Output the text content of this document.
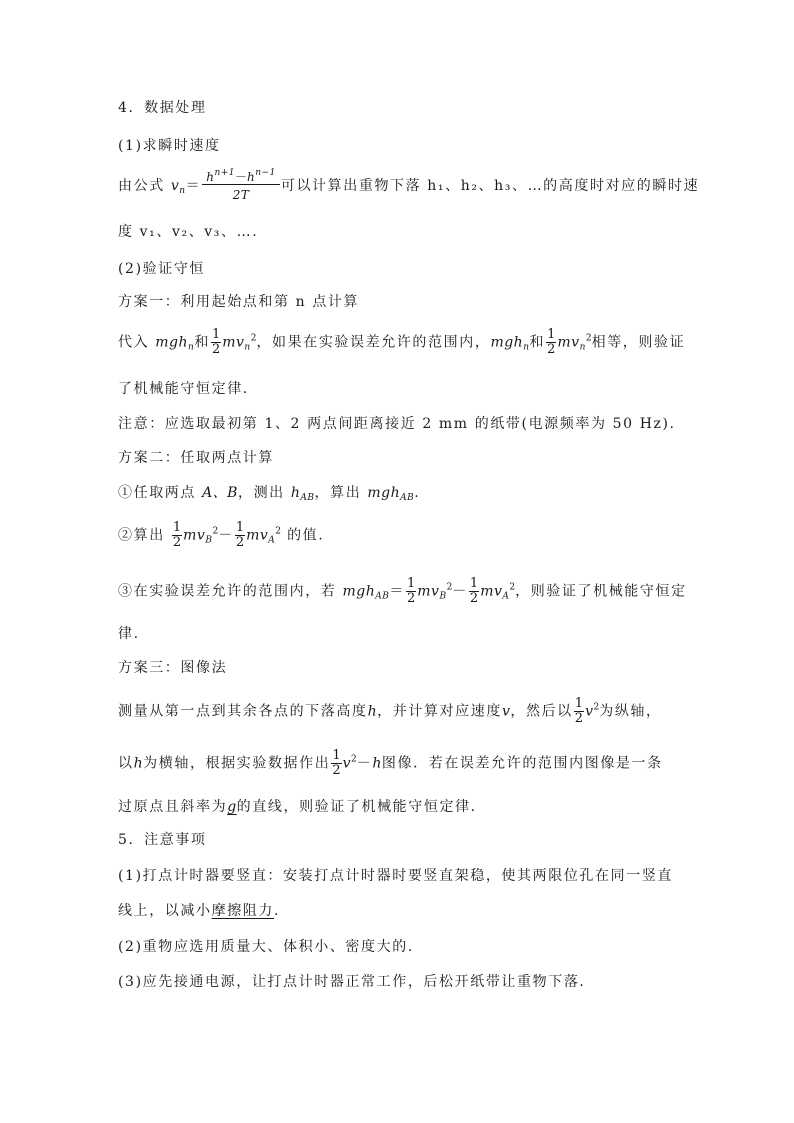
4．数据处理
(1)求瞬时速度
由公式 $v_n= \frac{h^{n+1}-h^{n-1}}{2T}$ 可以计算出重物下落 h₁、h₂、h₃、…的高度时对应的瞬时速
度 v₁、v₂、v₃、….
(2)验证守恒
方案一：利用起始点和第 n 点计算
代入 mgh$_n$和 $\frac{1}{2} mv_n^2$，如果在实验误差允许的范围内，mgh$_n$和 $\frac{1}{2} mv_n^2$相等，则验证
了机械能守恒定律.
注意：应选取最初第 1、2 两点间距离接近 2 mm 的纸带(电源频率为 50 Hz).
方案二：任取两点计算
①任取两点 A、B，测出 $h_{AB}$，算出 mgh$_{AB}$.
②算出 $\frac{1}{2} mv_B^2- \frac{1}{2} mv_A^2$ 的值.
③在实验误差允许的范围内，若 $mgh_{AB}= \frac{1}{2} mv_B^2- \frac{1}{2} mv_A^2$，则验证了机械能守恒定
律.
方案三：图像法
测量从第一点到其余各点的下落高度h，并计算对应速度v，然后以 $\frac{1}{2} v^2$为纵轴，
以h为横轴，根据实验数据作出 $\frac{1}{2} v^2-h$图像．若在误差允许的范围内图像是一条
过原点且斜率为g的直线，则验证了机械能守恒定律．
5．注意事项
(1)打点计时器要竖直：安装打点计时器时要竖直架稳，使其两限位孔在同一竖直
线上，以减小摩擦阻力.
(2)重物应选用质量大、体积小、密度大的．
(3)应先接通电源，让打点计时器正常工作，后松开纸带让重物下落．
